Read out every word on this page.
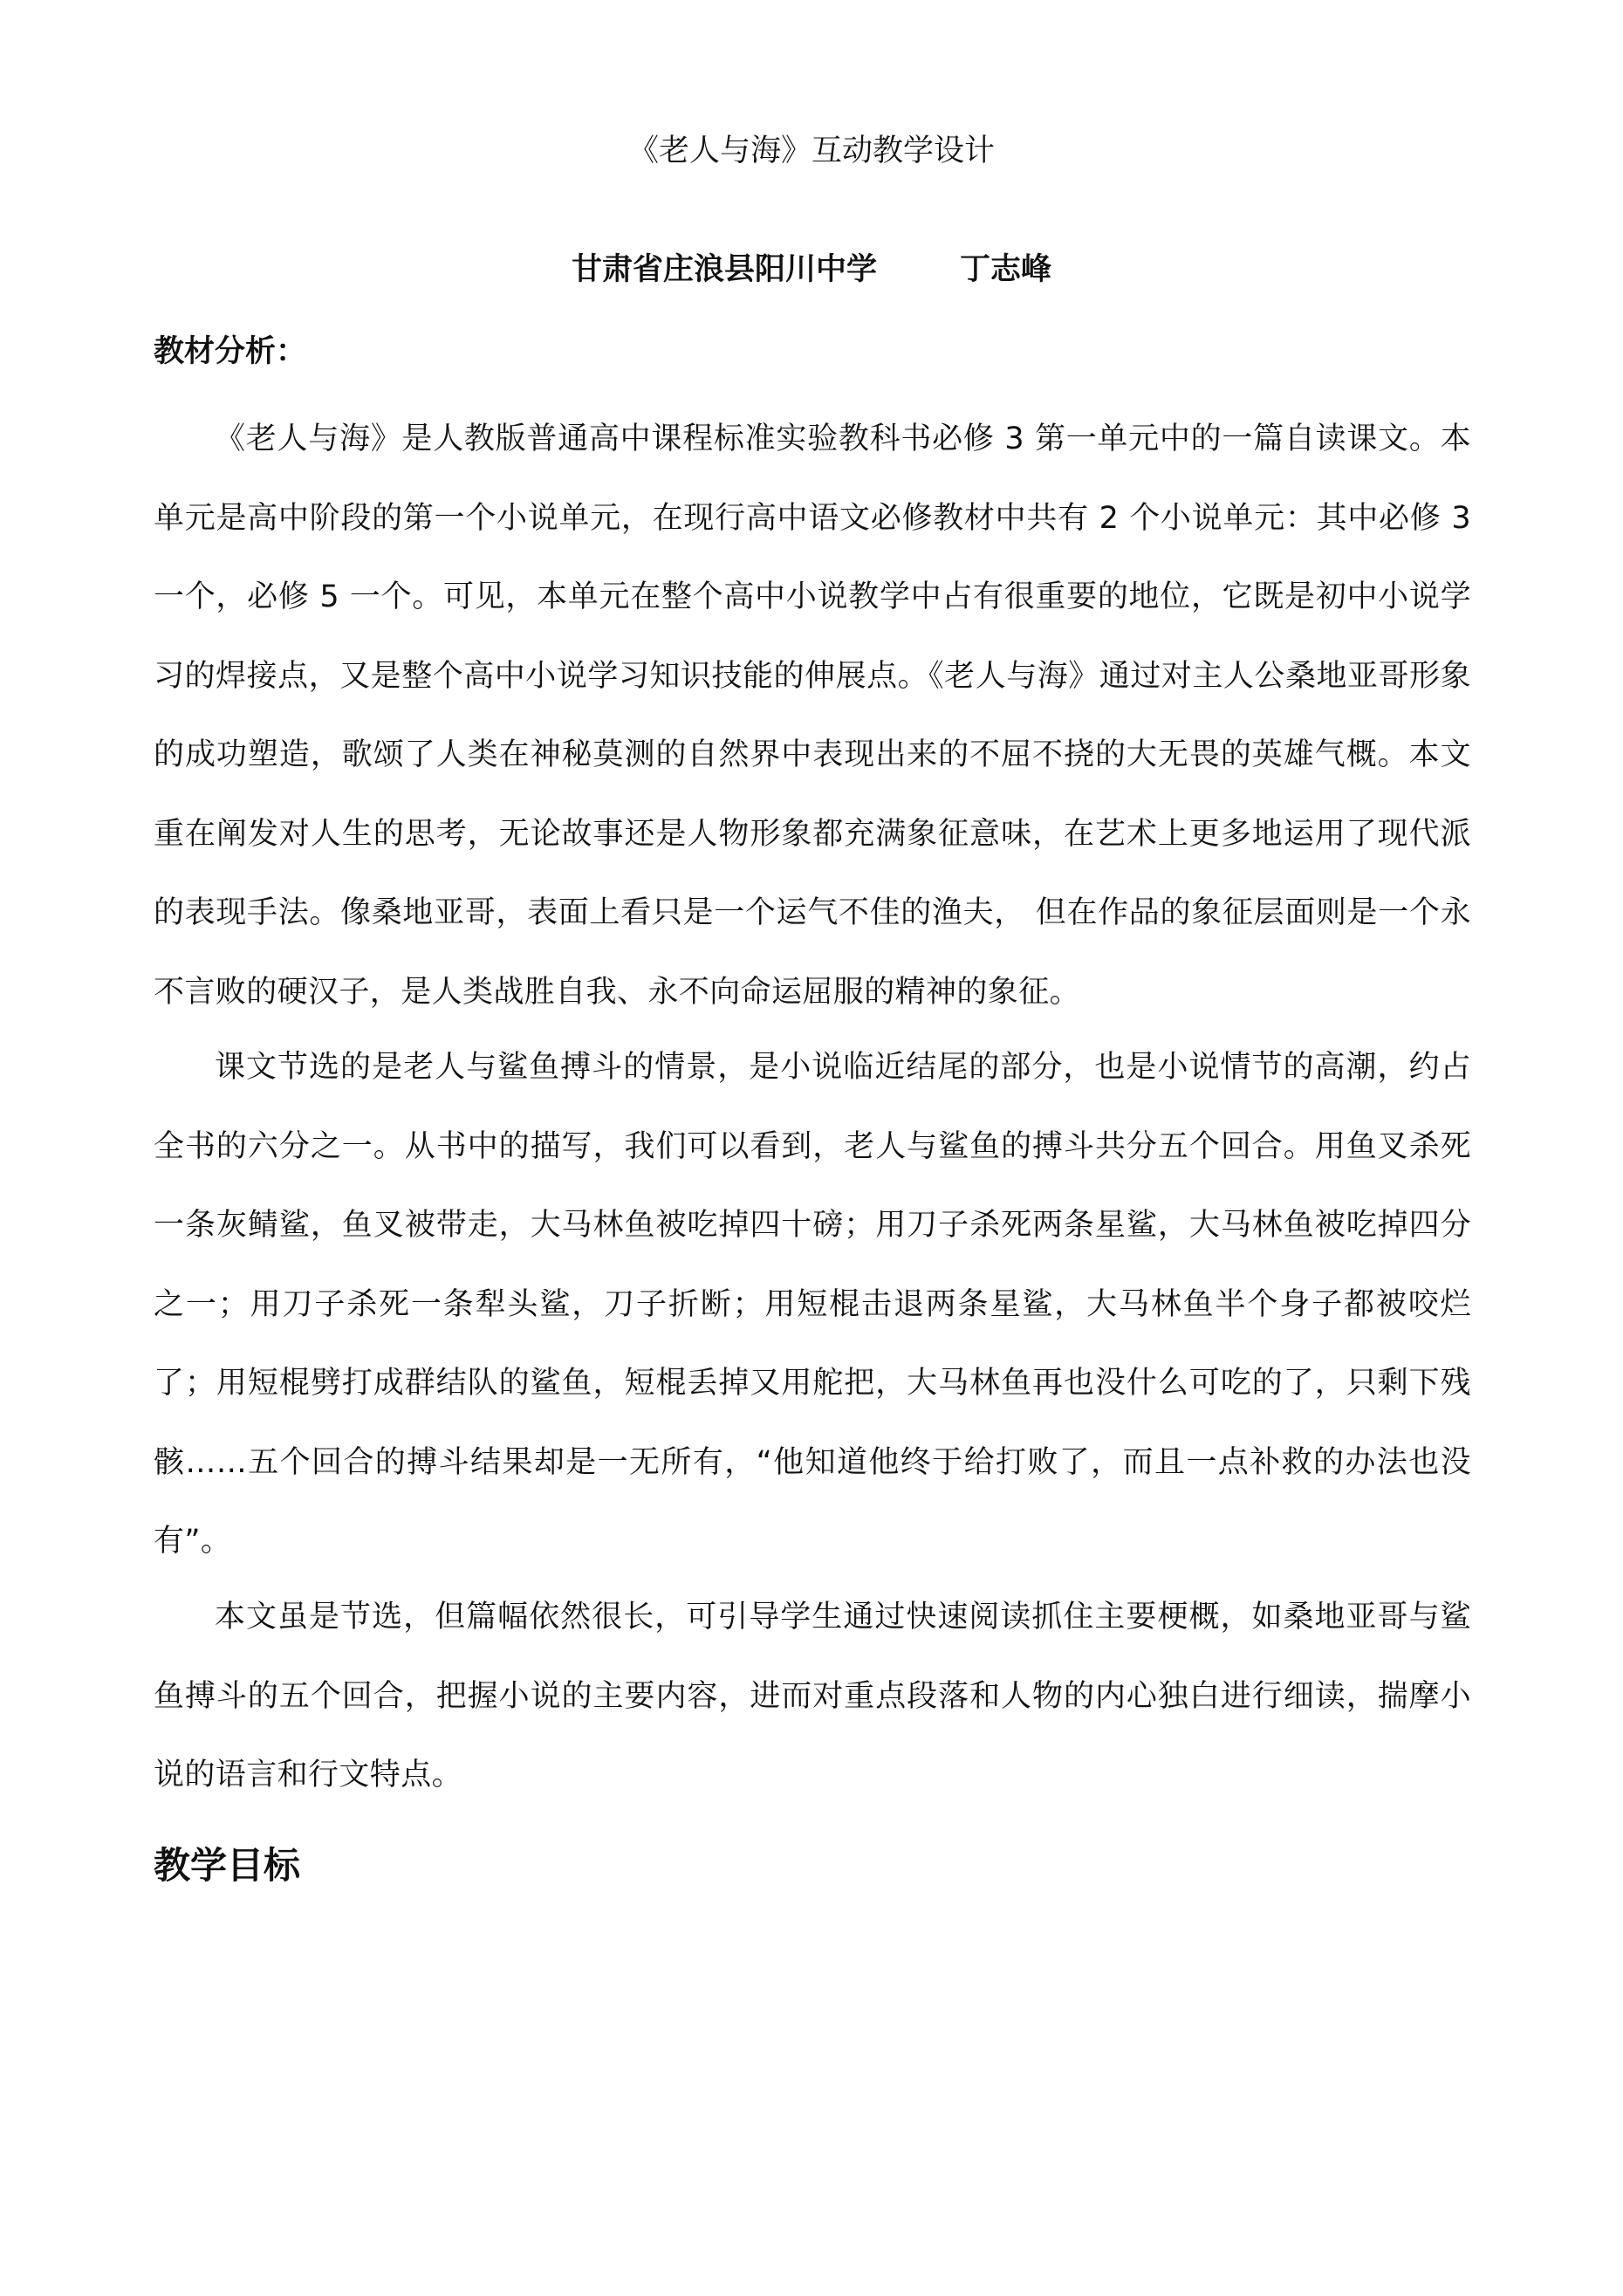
《老人与海》互动教学设计
甘肃省庄浪县阳川中学	丁志峰
教材分析：

《老人与海》是人教版普通高中课程标准实验教科书必修 3 第一单元中的一篇自读课文。本单元是高中阶段的第一个小说单元，在现行高中语文必修教材中共有 2 个小说单元：其中必修 3 一个，必修 5 一个。可见，本单元在整个高中小说教学中占有很重要的地位，它既是初中小说学习的焊接点，又是整个高中小说学习知识技能的伸展点。《老人与海》通过对主人公桑地亚哥形象的成功塑造，歌颂了人类在神秘莫测的自然界中表现出来的不屈不挠的大无畏的英雄气概。本文重在阐发对人生的思考，无论故事还是人物形象都充满象征意味，在艺术上更多地运用了现代派的表现手法。像桑地亚哥，表面上看只是一个运气不佳的渔夫， 但在作品的象征层面则是一个永不言败的硬汉子，是人类战胜自我、永不向命运屈服的精神的象征。

课文节选的是老人与鲨鱼搏斗的情景，是小说临近结尾的部分，也是小说情节的高潮，约占全书的六分之一。从书中的描写，我们可以看到，老人与鲨鱼的搏斗共分五个回合。用鱼叉杀死一条灰鲭鲨，鱼叉被带走，大马林鱼被吃掉四十磅；用刀子杀死两条星鲨，大马林鱼被吃掉四分之一；用刀子杀死一条犁头鲨，刀子折断；用短棍击退两条星鲨，大马林鱼半个身子都被咬烂了；用短棍劈打成群结队的鲨鱼，短棍丢掉又用舵把，大马林鱼再也没什么可吃的了，只剩下残骸……五个回合的搏斗结果却是一无所有，“他知道他终于给打败了，而且一点补救的办法也没有”。

本文虽是节选，但篇幅依然很长，可引导学生通过快速阅读抓住主要梗概，如桑地亚哥与鲨鱼搏斗的五个回合，把握小说的主要内容，进而对重点段落和人物的内心独白进行细读，揣摩小说的语言和行文特点。

教学目标
